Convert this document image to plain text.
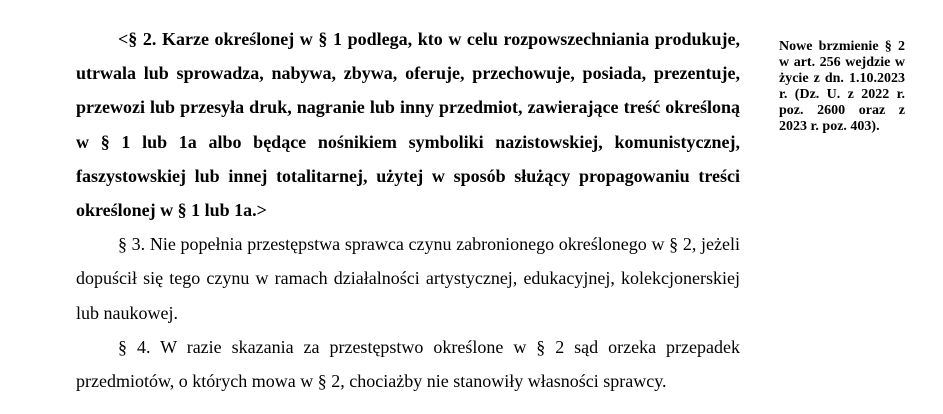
<§ 2. Karze określonej w § 1 podlega, kto w celu rozpowszechniania produkuje, utrwala lub sprowadza, nabywa, zbywa, oferuje, przechowuje, posiada, prezentuje, przewozi lub przesyła druk, nagranie lub inny przedmiot, zawierające treść określoną w § 1 lub 1a albo będące nośnikiem symboliki nazistowskiej, komunistycznej, faszystowskiej lub innej totalitarnej, użytej w sposób służący propagowaniu treści określonej w § 1 lub 1a.>

§ 3. Nie popełnia przestępstwa sprawca czynu zabronionego określonego w § 2, jeżeli dopuścił się tego czynu w ramach działalności artystycznej, edukacyjnej, kolekcjonerskiej lub naukowej.

§ 4. W razie skazania za przestępstwo określone w § 2 sąd orzeka przepadek przedmiotów, o których mowa w § 2, chociażby nie stanowiły własności sprawcy.

Nowe brzmienie § 2 w art. 256 wejdzie w życie z dn. 1.10.2023 r. (Dz. U. z 2022 r. poz. 2600 oraz z 2023 r. poz. 403).
